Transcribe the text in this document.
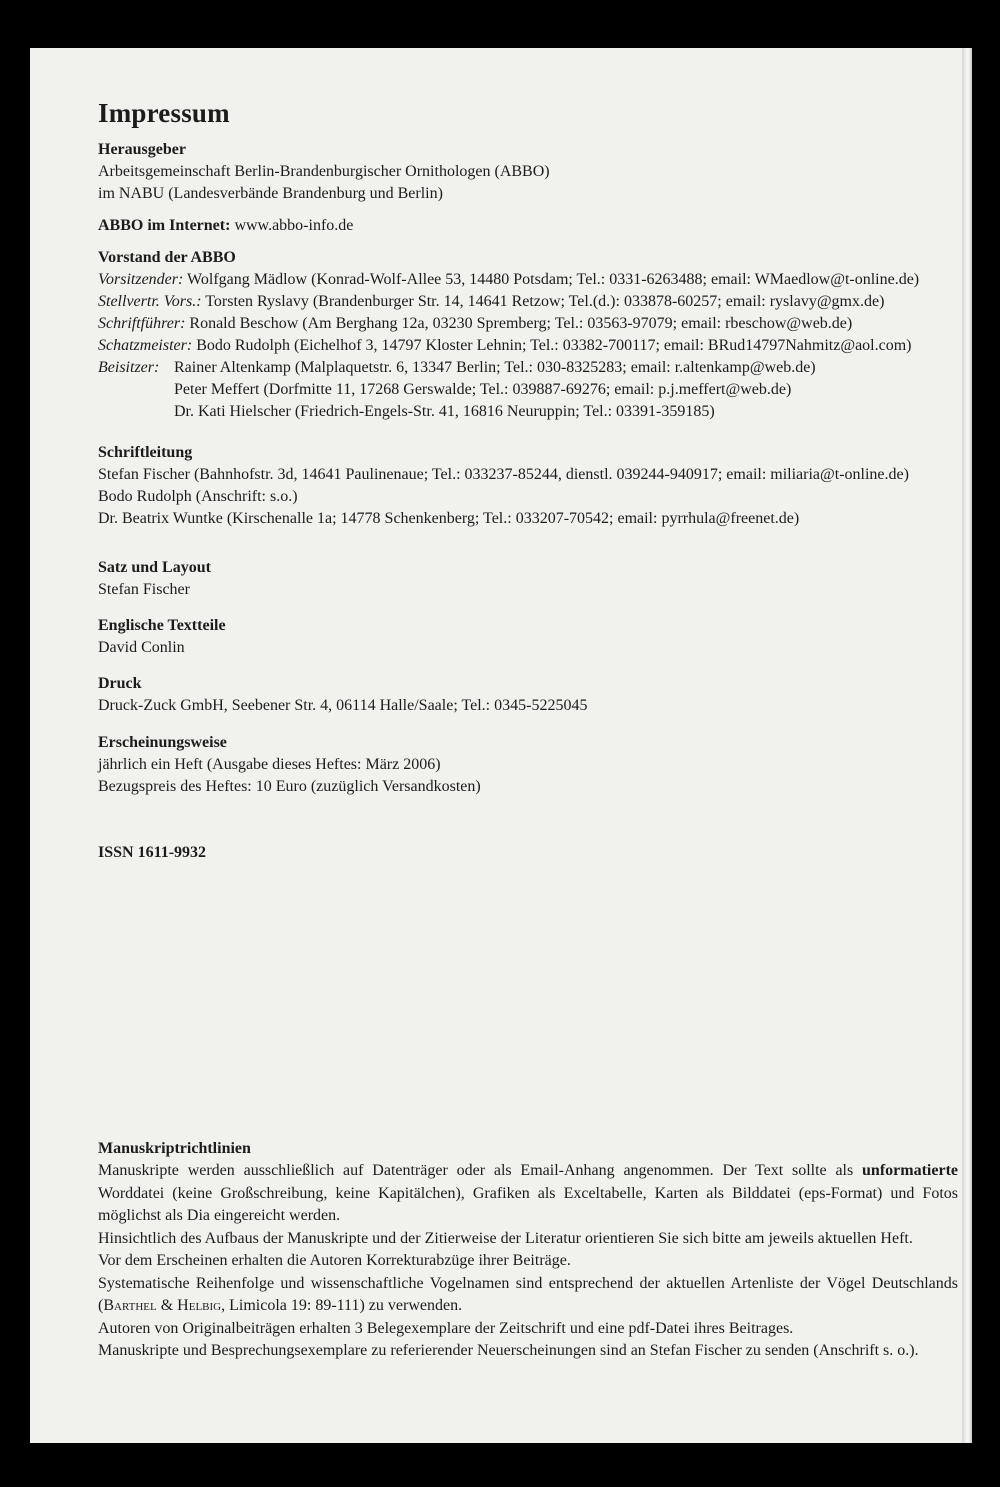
Impressum
Herausgeber
Arbeitsgemeinschaft Berlin-Brandenburgischer Ornithologen (ABBO)
im NABU (Landesverbände Brandenburg und Berlin)
ABBO im Internet: www.abbo-info.de
Vorstand der ABBO
Vorsitzender: Wolfgang Mädlow (Konrad-Wolf-Allee 53, 14480 Potsdam; Tel.: 0331-6263488; email: WMaedlow@t-online.de)
Stellvertr. Vors.: Torsten Ryslavy (Brandenburger Str. 14, 14641 Retzow; Tel.(d.): 033878-60257; email: ryslavy@gmx.de)
Schriftführer: Ronald Beschow (Am Berghang 12a, 03230 Spremberg; Tel.: 03563-97079; email: rbeschow@web.de)
Schatzmeister: Bodo Rudolph (Eichelhof 3, 14797 Kloster Lehnin; Tel.: 03382-700117; email: BRud14797Nahmitz@aol.com)
Beisitzer: Rainer Altenkamp (Malplaquetstr. 6, 13347 Berlin; Tel.: 030-8325283; email: r.altenkamp@web.de)
Peter Meffert (Dorfmitte 11, 17268 Gerswalde; Tel.: 039887-69276; email: p.j.meffert@web.de)
Dr. Kati Hielscher (Friedrich-Engels-Str. 41, 16816 Neuruppin; Tel.: 03391-359185)
Schriftleitung
Stefan Fischer (Bahnhofstr. 3d, 14641 Paulinenaue; Tel.: 033237-85244, dienstl. 039244-940917; email: miliaria@t-online.de)
Bodo Rudolph (Anschrift: s.o.)
Dr. Beatrix Wuntke (Kirschenalle 1a; 14778 Schenkenberg; Tel.: 033207-70542; email: pyrrhula@freenet.de)
Satz und Layout
Stefan Fischer
Englische Textteile
David Conlin
Druck
Druck-Zuck GmbH, Seebener Str. 4, 06114 Halle/Saale; Tel.: 0345-5225045
Erscheinungsweise
jährlich ein Heft (Ausgabe dieses Heftes: März 2006)
Bezugspreis des Heftes: 10 Euro (zuzüglich Versandkosten)
ISSN 1611-9932
Manuskriptrichtlinien
Manuskripte werden ausschließlich auf Datenträger oder als Email-Anhang angenommen. Der Text sollte als unformatierte Worddatei (keine Großschreibung, keine Kapitälchen), Grafiken als Exceltabelle, Karten als Bilddatei (eps-Format) und Fotos möglichst als Dia eingereicht werden.
Hinsichtlich des Aufbaus der Manuskripte und der Zitierweise der Literatur orientieren Sie sich bitte am jeweils aktuellen Heft.
Vor dem Erscheinen erhalten die Autoren Korrekturabzüge ihrer Beiträge.
Systematische Reihenfolge und wissenschaftliche Vogelnamen sind entsprechend der aktuellen Artenliste der Vögel Deutschlands (Barthel & Helbig, Limicola 19: 89-111) zu verwenden.
Autoren von Originalbeiträgen erhalten 3 Belegexemplare der Zeitschrift und eine pdf-Datei ihres Beitrages.
Manuskripte und Besprechungsexemplare zu referierender Neuerscheinungen sind an Stefan Fischer zu senden (Anschrift s. o.).
